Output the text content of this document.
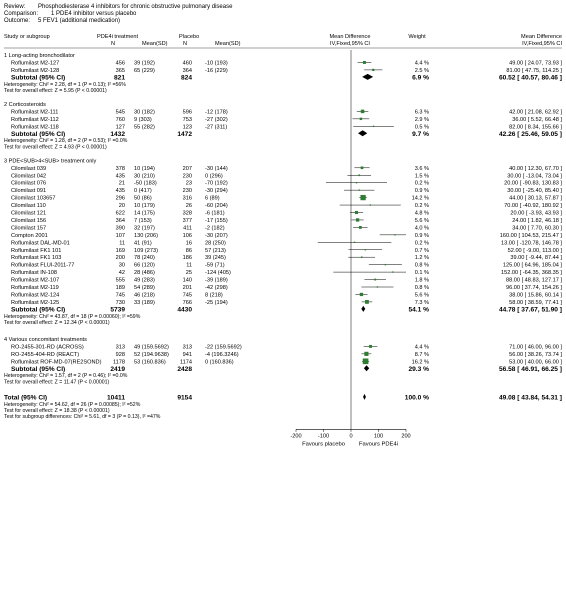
Review: Phosphodiesterase 4 inhibitors for chronic obstructive pulmonary disease
Comparison: 1 PDE4 inhibitor versus placebo
Outcome: 5 FEV1 (additional medication)
Study or subgroup	PDE4i treatment
N	Mean(SD)
Placebo
N	Mean(SD)
Mean Difference
IV,Fixed,95% CI
Weight	Mean Difference
IV,Fixed,95% CI
1 Long-acting bronchodilator
Roflumilast M2-127	456 39 (192)	460 -10 (193)	4.4 %	49.00 [ 24.07, 73.93 ]
Roflumilast M2-128	365 65 (229)	364 -16 (229)	2.5 %	81.00 [ 47.75, 114.25 ]
Subtotal (95% CI)	821	824	6.9 %	60.52 [ 40.57, 80.46 ]
Heterogeneity: Chi² = 2.28, df = 1 (P = 0.13); I² =56%
Test for overall effect: Z = 5.95 (P < 0.00001)
2 Corticosteroids
Roflumilast M2-111	545 30 (182)	596 -12 (178)	6.3 %	42.00 [ 21.08, 62.92 ]
Roflumilast M2-112	760 9 (303)	753 -27 (302)	2.9 %	36.00 [ 5.52, 66.48 ]
Roflumilast M2-118	127 55 (282)	123 -27 (311)	0.5 %	82.00 [ 8.34, 155.66 ]
Subtotal (95% CI)	1432	1472	9.7 %	42.26 [ 25.46, 59.05 ]
Heterogeneity: Chi² = 1.28, df = 2 (P = 0.53); I² =0.0%
Test for overall effect: Z = 4.93 (P < 0.00001)
3 PDE<SUB>4<SUB> treatment only
Cilomilast 039	378 10 (194)	207 -30 (144)	3.6 %	40.00 [ 12.30, 67.70 ]
Cilomilast 042	435 30 (210)	230 0 (296)	1.5 %	30.00 [ -13.04, 73.04 ]
Cilomilast 076	21 -50 (183)	23 -70 (192)	0.2 %	20.00 [ -90.83, 130.83 ]
Cilomilast 091	435 0 (417)	230 -30 (294)	0.9 %	30.00 [ -25.40, 85.40 ]
Cilomilast 103657	296 50 (86)	316 6 (89)	14.2 %	44.00 [ 30.13, 57.87 ]
Cilomilast 110	20 10 (179)	26 -60 (204)	0.2 %	70.00 [ -40.92, 180.92 ]
Cilomilast 121	622 14 (175)	328 -6 (181)	4.8 %	20.00 [ -3.93, 43.93 ]
Cilomilast 156	364 7 (153)	377 -17 (155)	5.6 %	24.00 [ 1.82, 46.18 ]
Cilomilast 157	390 32 (197)	411 -2 (182)	4.0 %	34.00 [ 7.70, 60.30 ]
Compton 2001	107 130 (206)	106 -30 (207)	0.9 %	160.00 [ 104.53, 215.47 ]
Roflumilast DAL-MD-01	11 41 (91)	16 28 (250)	0.2 %	13.00 [ -120.78, 146.78 ]
Roflumilast FK1 101	169 109 (273)	86 57 (213)	0.7 %	52.00 [ -9.00, 113.00 ]
Roflumilast FK1 103	200 78 (240)	186 39 (245)	1.2 %	39.00 [ -9.44, 87.44 ]
Roflumilast FLUI-2011-77	30 66 (120)	11 -59 (71)	0.8 %	125.00 [ 64.96, 185.04 ]
Roflumilast IN-108	42 28 (486)	25 -124 (405)	0.1 %	152.00 [ -64.35, 368.35 ]
Roflumilast M2-107	555 49 (283)	140 -39 (189)	1.8 %	88.00 [ 48.83, 127.17 ]
Roflumilast M2-119	189 54 (289)	201 -42 (298)	0.8 %	96.00 [ 37.74, 154.26 ]
Roflumilast M2-124	745 46 (218)	745 8 (218)	5.6 %	38.00 [ 15.86, 60.14 ]
Roflumilast M2-125	730 33 (189)	766 -25 (194)	7.3 %	58.00 [ 38.59, 77.41 ]
Subtotal (95% CI)	5739	4430	54.1 %	44.78 [ 37.67, 51.90 ]
Heterogeneity: Chi² = 43.87, df = 18 (P = 0.00060); I² =59%
Test for overall effect: Z = 12.34 (P < 0.00001)
4 Various concomitant treatments
RO-2455-301-RD (ACROSS)	313 49 (159.5692) 313 -22 (159.5692)	4.4 %	71.00 [ 46.00, 96.00 ]
RO-2455-404-RD (REACT)	928 52 (194.9638) 941 -4 (196.3246)	8.7 %	56.00 [ 38.26, 73.74 ]
Roflumilast ROF-MD-07(RE2SOND) 1178 53 (160.836)	1174 0 (160.836)	16.2 %	53.00 [ 40.00, 66.00 ]
Subtotal (95% CI)	2419	2428	29.3 %	56.58 [ 46.91, 66.25 ]
Heterogeneity: Chi² = 1.57, df = 2 (P = 0.46); I² =0.0%
Test for overall effect: Z = 11.47 (P < 0.00001)
Total (95% CI)	10411	9154	100.0 %	49.08 [ 43.84, 54.31 ]
Heterogeneity: Chi² = 54.62, df = 26 (P = 0.00085); I² =52%
Test for overall effect: Z = 18.38 (P < 0.00001)
Test for subgroup differences: Chi² = 5.61, df = 3 (P = 0.13), I² =47%
-200	-100	0	100	200
Favours placebo Favours PDE4i
